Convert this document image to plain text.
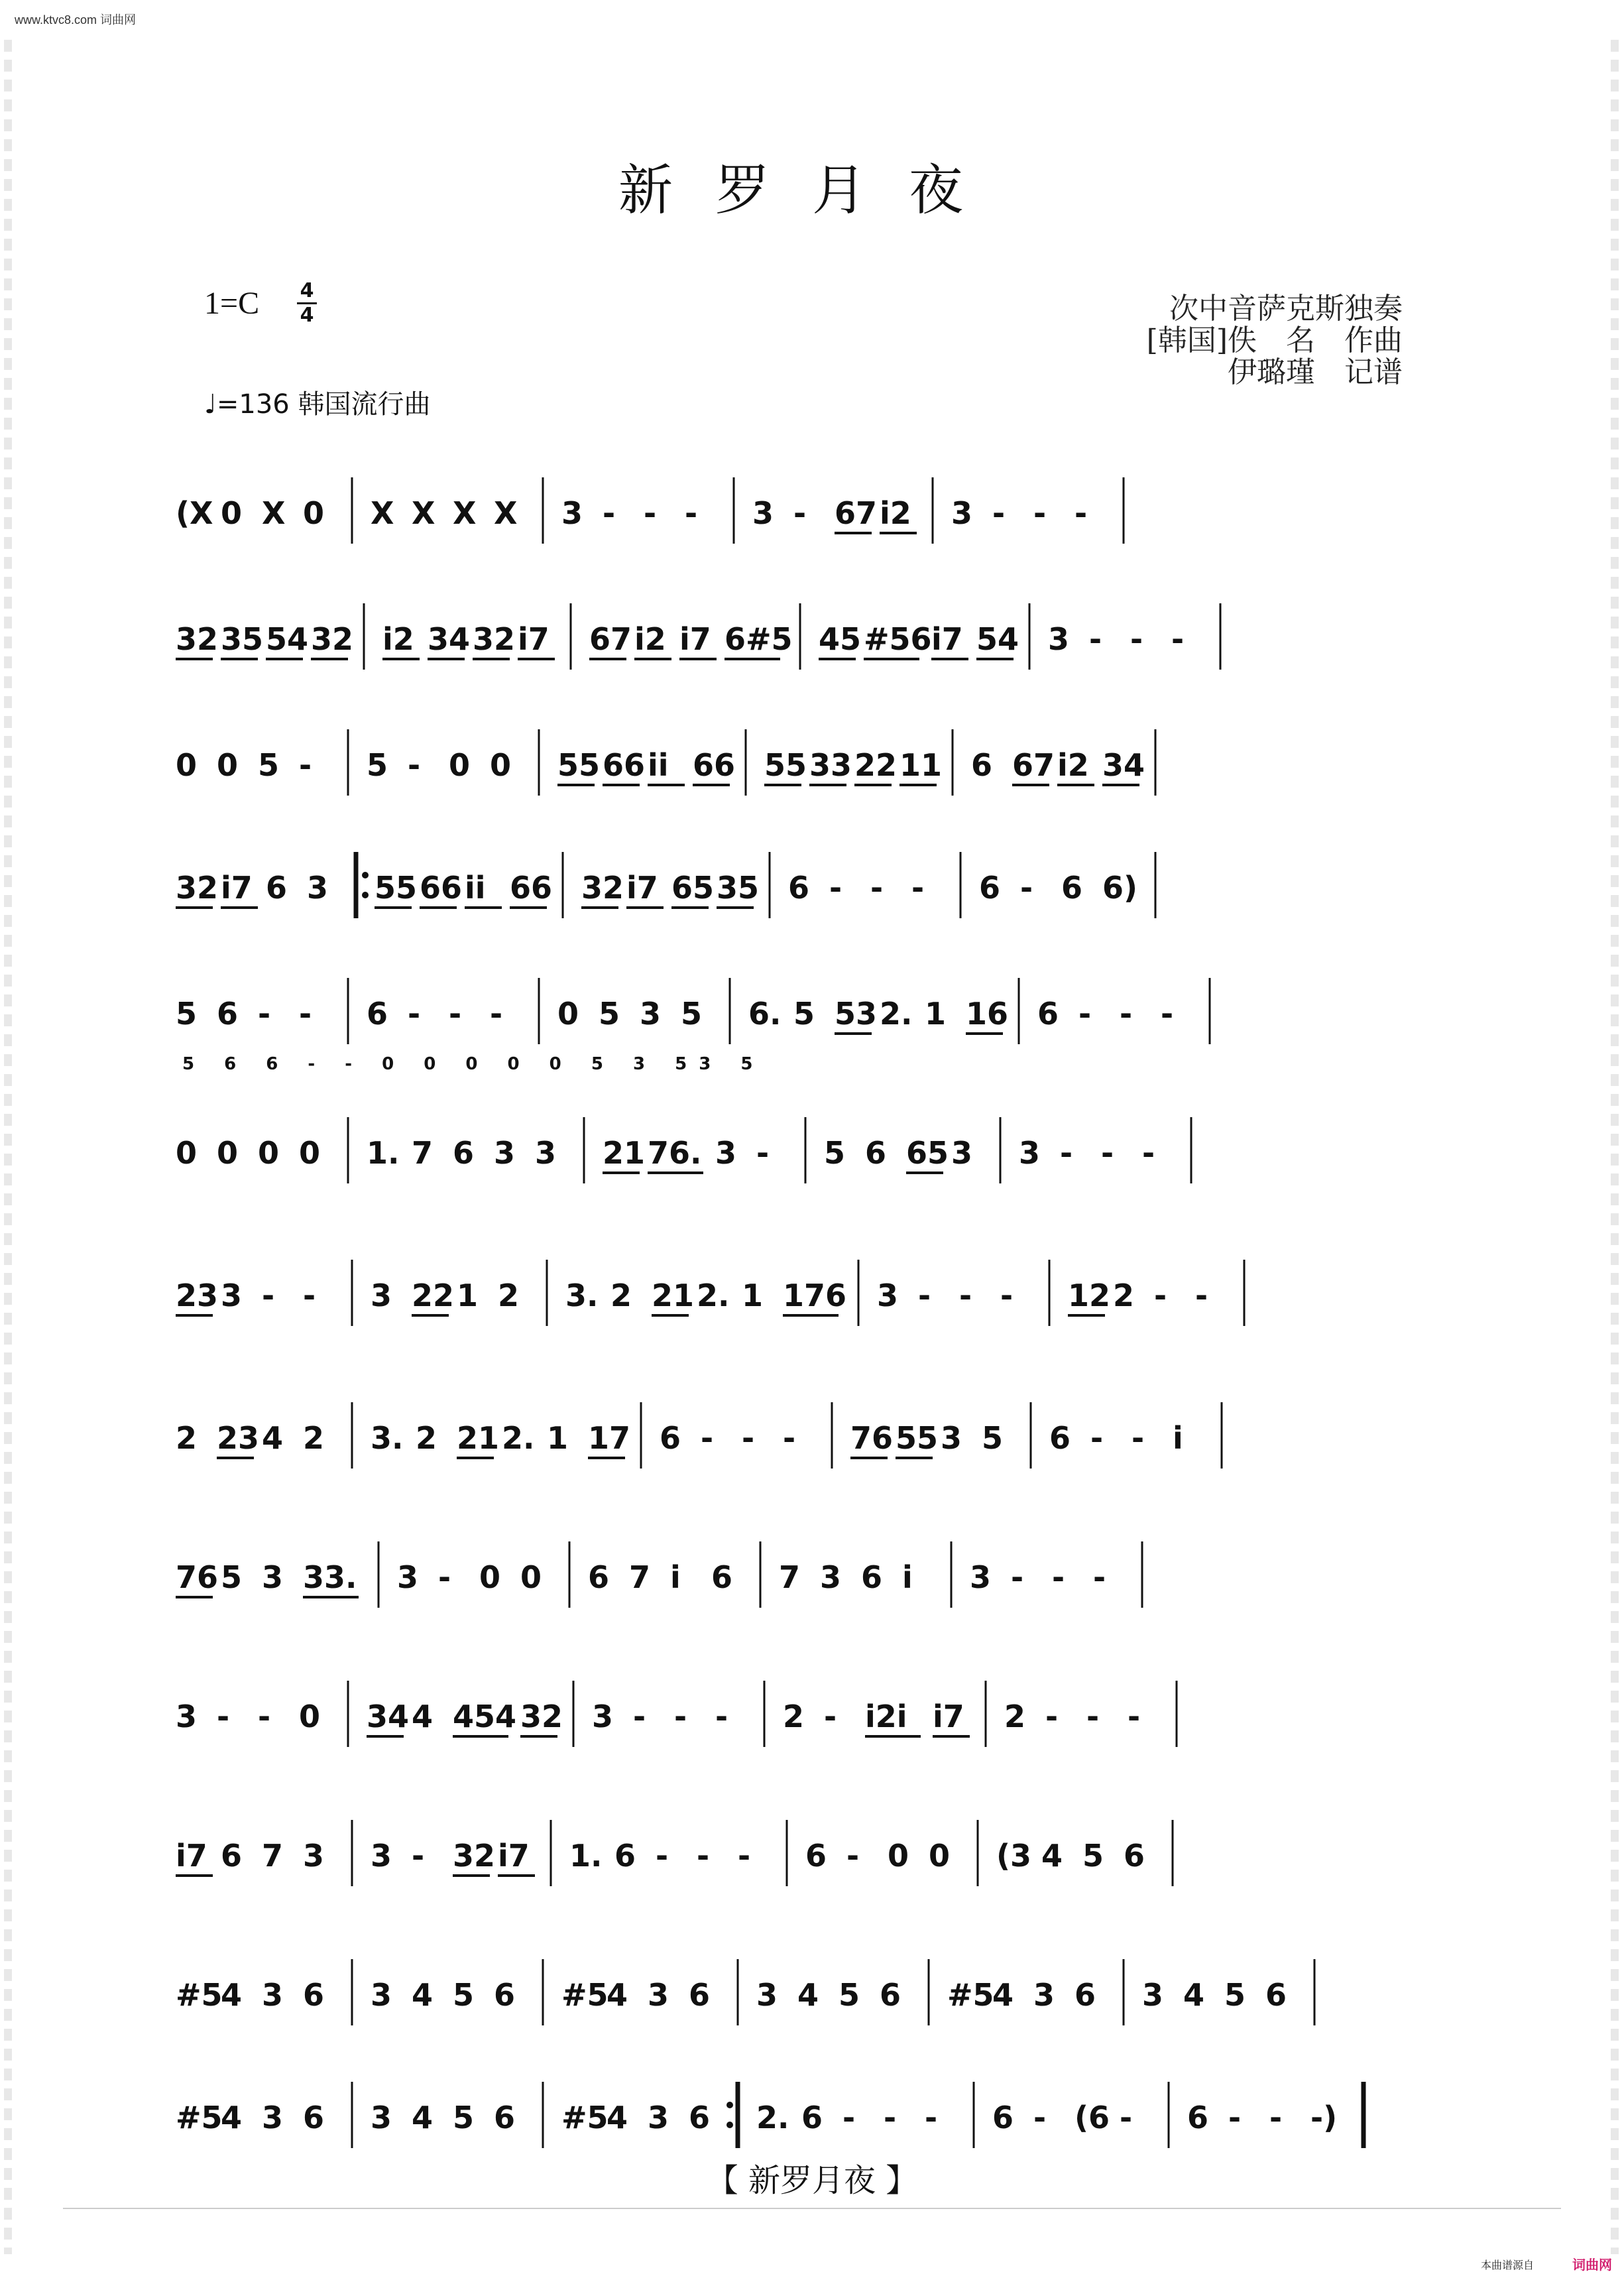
www.ktvc8.com 词曲网
新罗月夜
1=C 4
4
♩=136 韩国流行曲
次中音萨克斯独奏
[韩国]佚　名　作曲
伊璐瑾　记谱
(X 0 X 0 X X X X 3 - - - 3 - 67 i2 3 - - -
32 35 54 32 i2 34 32 i7 67 i2 i7 6#5 45 #56 i7 54 3 - - -
0 0 5 - 5 - 0 0 55 66 ii 66 55 33 22 11 6 67 i2 34
32 i7 6 3 55 66 ii 66 32 i7 65 35 6 - - - 6 - 6 6)
5 6 - - 6 - - - 0 5 3 5 6. 5 53 2. 1 16 6 - - -
0 0 0 0 1. 7 6 3 3 21 76. 3 - 5 6 65 3 3 - - -
23 3 - - 3 22 1 2 3. 2 21 2. 1 176 3 - - - 12 2 - -
2 23 4 2 3. 2 21 2. 1 17 6 - - - 76 55 3 5 6 - - i
76 5 3 33. 3 - 0 0 6 7 i 6 7 3 6 i 3 - - -
3 - - 0 34 4 454 32 3 - - - 2 - i2i i7 2 - - -
i7 6 7 3 3 - 32 i7 1. 6 - - - 6 - 0 0 (3 4 5 6
#5
4 3 6 3 4 5 6 #5
4 3 6 3 4 5 6 #5
4 3 6 3 4 5 6
#5
4 3 6 3 4 5 6 #5
4 3 6 2. 6 - - - 6 - (6 - 6 - - -)
5 6 6 - - 0 0 0 0 0 5 3 53 5
【 新罗月夜 】
本曲谱源自	词曲网
